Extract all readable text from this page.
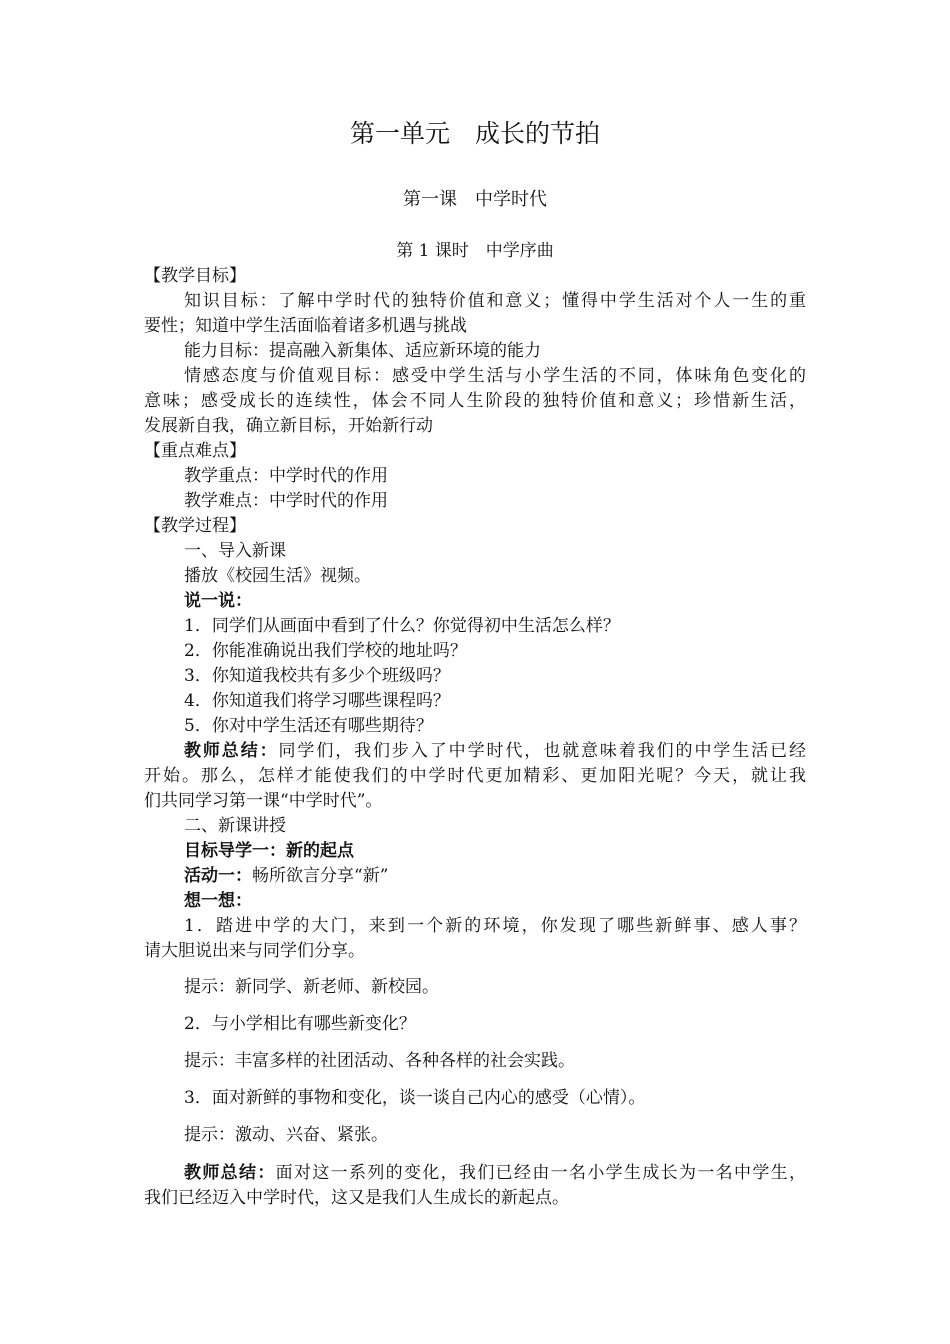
第一单元　成长的节拍
第一课　中学时代
第 1 课时　中学序曲
【教学目标】
知识目标：了解中学时代的独特价值和意义；懂得中学生活对个人一生的重
要性；知道中学生活面临着诸多机遇与挑战
能力目标：提高融入新集体、适应新环境的能力
情感态度与价值观目标：感受中学生活与小学生活的不同，体味角色变化的
意味；感受成长的连续性，体会不同人生阶段的独特价值和意义；珍惜新生活，
发展新自我，确立新目标，开始新行动
【重点难点】
教学重点：中学时代的作用
教学难点：中学时代的作用
【教学过程】
一、导入新课
播放《校园生活》视频。
说一说：
1．同学们从画面中看到了什么？你觉得初中生活怎么样？
2．你能准确说出我们学校的地址吗？
3．你知道我校共有多少个班级吗？
4．你知道我们将学习哪些课程吗？
5．你对中学生活还有哪些期待？
教师总结：同学们，我们步入了中学时代，也就意味着我们的中学生活已经
开始。那么，怎样才能使我们的中学时代更加精彩、更加阳光呢？今天，就让我
们共同学习第一课“中学时代”。
二、新课讲授
目标导学一：新的起点
活动一：畅所欲言分享“新”
想一想：
1．踏进中学的大门，来到一个新的环境，你发现了哪些新鲜事、感人事？
请大胆说出来与同学们分享。
提示：新同学、新老师、新校园。
2．与小学相比有哪些新变化？
提示：丰富多样的社团活动、各种各样的社会实践。
3．面对新鲜的事物和变化，谈一谈自己内心的感受（心情）。
提示：激动、兴奋、紧张。
教师总结：面对这一系列的变化，我们已经由一名小学生成长为一名中学生，
我们已经迈入中学时代，这又是我们人生成长的新起点。
